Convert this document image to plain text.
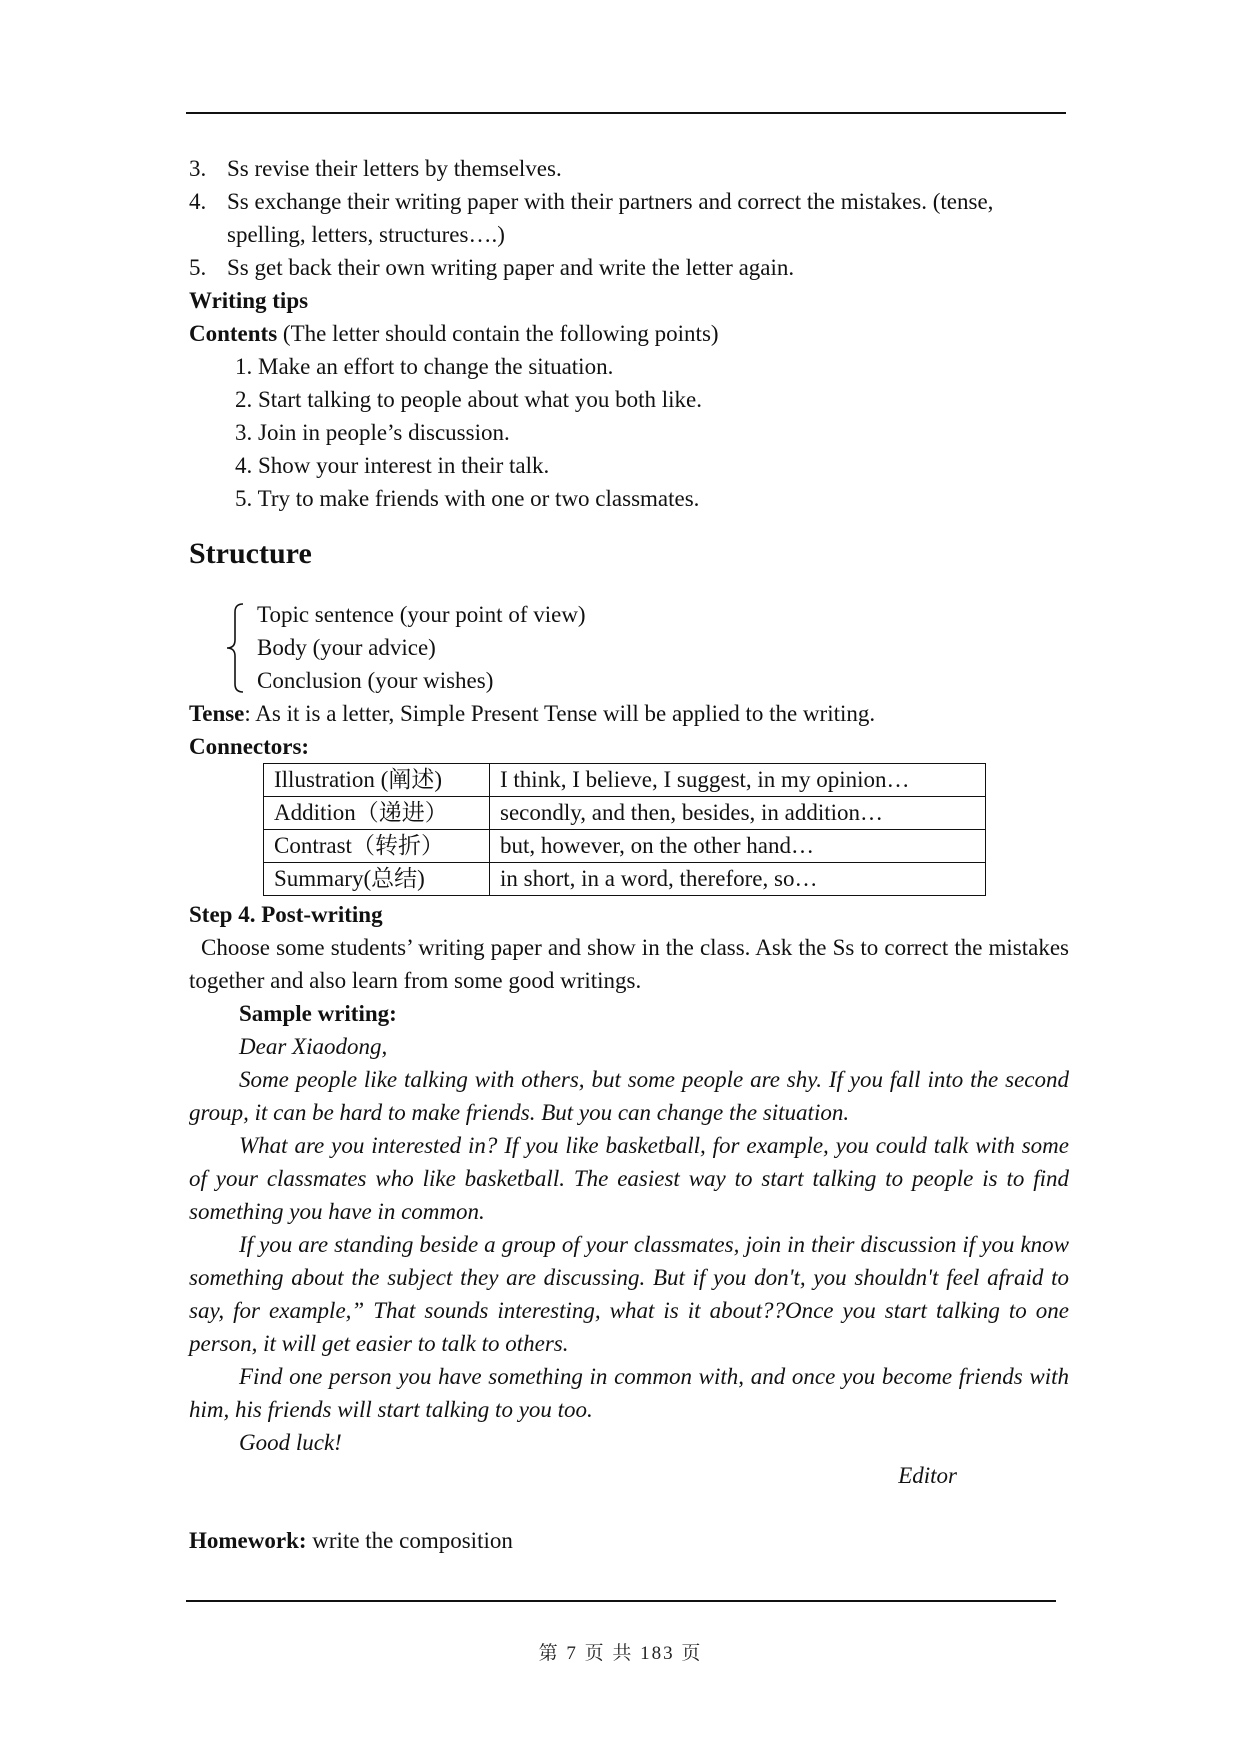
3. Ss revise their letters by themselves.
4. Ss exchange their writing paper with their partners and correct the mistakes. (tense, spelling, letters, structures….)
5. Ss get back their own writing paper and write the letter again.
Writing tips
Contents (The letter should contain the following points)
1. Make an effort to change the situation.
2. Start talking to people about what you both like.
3. Join in people’s discussion.
4. Show your interest in their talk.
5. Try to make friends with one or two classmates.
Structure
Topic sentence (your point of view)
Body (your advice)
Conclusion (your wishes)
Tense: As it is a letter, Simple Present Tense will be applied to the writing.
Connectors:
Illustration (阐述)	I think, I believe, I suggest, in my opinion…
Addition（递进）	secondly, and then, besides, in addition…
Contrast（转折）	but, however, on the other hand…
Summary(总结)	in short, in a word, therefore, so…
Step 4. Post-writing
Choose some students’ writing paper and show in the class. Ask the Ss to correct the mistakes together and also learn from some good writings.
Sample writing:
Dear Xiaodong,
Some people like talking with others, but some people are shy. If you fall into the second group, it can be hard to make friends. But you can change the situation.
What are you interested in? If you like basketball, for example, you could talk with some of your classmates who like basketball. The easiest way to start talking to people is to find something you have in common.
If you are standing beside a group of your classmates, join in their discussion if you know something about the subject they are discussing. But if you don't, you shouldn't feel afraid to say, for example,” That sounds interesting, what is it about??Once you start talking to one person, it will get easier to talk to others.
Find one person you have something in common with, and once you become friends with him, his friends will start talking to you too.
Good luck!
Editor
Homework: write the composition
第 7 页 共 183 页
